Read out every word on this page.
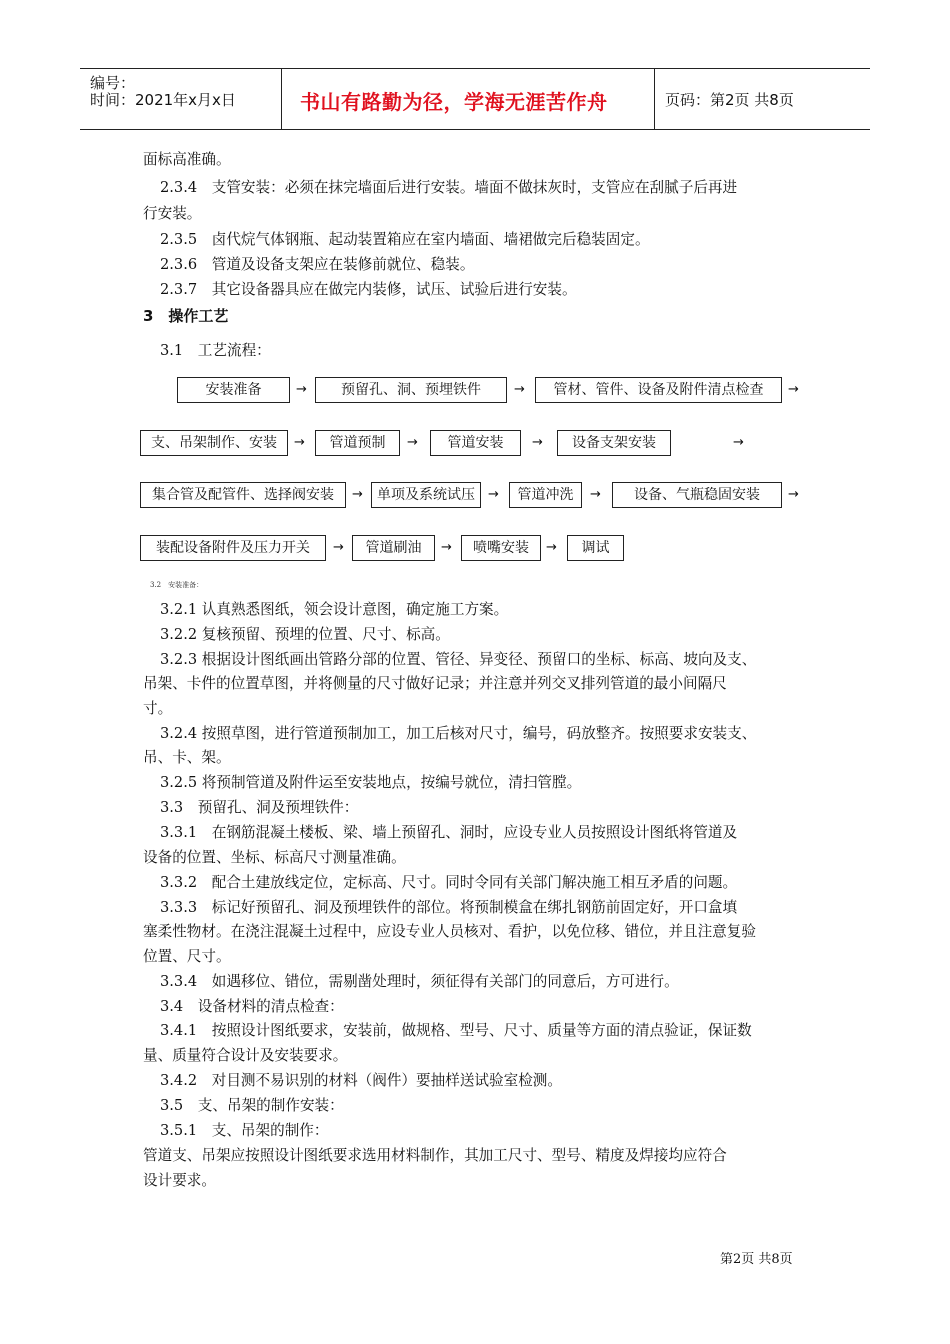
编号：
时间：2021年x月x日	书山有路勤为径，学海无涯苦作舟	页码：第2页 共8页
面标高准确。
2.3.4　支管安装：必须在抹完墙面后进行安装。墙面不做抹灰时，支管应在刮腻子后再进
行安装。
2.3.5　卤代烷气体钢瓶、起动装置箱应在室内墙面、墙裙做完后稳装固定。
2.3.6　管道及设备支架应在装修前就位、稳装。
2.3.7　其它设备器具应在做完内装修，试压、试验后进行安装。
3　操作工艺
3.1　工艺流程：
安装准备	→	预留孔、洞、预埋铁件	→	管材、管件、设备及附件清点检查	→
支、吊架制作、安装	→	管道预制	→	管道安装	→	设备支架安装	→
集合管及配管件、选择阀安装	→	单项及系统试压	→	管道冲洗	→	设备、气瓶稳固安装	→
装配设备附件及压力开关	→	管道刷油	→	喷嘴安装	→	调试
3.2　安装准备：
3.2.1 认真熟悉图纸，领会设计意图，确定施工方案。
3.2.2 复核预留、预埋的位置、尺寸、标高。
3.2.3 根据设计图纸画出管路分部的位置、管径、异变径、预留口的坐标、标高、坡向及支、
吊架、卡件的位置草图，并将侧量的尺寸做好记录；并注意并列交叉排列管道的最小间隔尺
寸。
3.2.4 按照草图，进行管道预制加工，加工后核对尺寸，编号，码放整齐。按照要求安装支、
吊、卡、架。
3.2.5 将预制管道及附件运至安装地点，按编号就位，清扫管膛。
3.3　预留孔、洞及预埋铁件：
3.3.1　在钢筋混凝土楼板、梁、墙上预留孔、洞时，应设专业人员按照设计图纸将管道及
设备的位置、坐标、标高尺寸测量准确。
3.3.2　配合土建放线定位，定标高、尺寸。同时令同有关部门解决施工相互矛盾的问题。
3.3.3　标记好预留孔、洞及预埋铁件的部位。将预制模盒在绑扎钢筋前固定好，开口盒填
塞柔性物材。在浇注混凝土过程中，应设专业人员核对、看护，以免位移、错位，并且注意复验
位置、尺寸。
3.3.4　如遇移位、错位，需剔凿处理时，须征得有关部门的同意后，方可进行。
3.4　设备材料的清点检查：
3.4.1　按照设计图纸要求，安装前，做规格、型号、尺寸、质量等方面的清点验证，保证数
量、质量符合设计及安装要求。
3.4.2　对目测不易识别的材料（阀件）要抽样送试验室检测。
3.5　支、吊架的制作安装：
3.5.1　支、吊架的制作：
管道支、吊架应按照设计图纸要求选用材料制作，其加工尺寸、型号、精度及焊接均应符合
设计要求。
第2页 共8页
